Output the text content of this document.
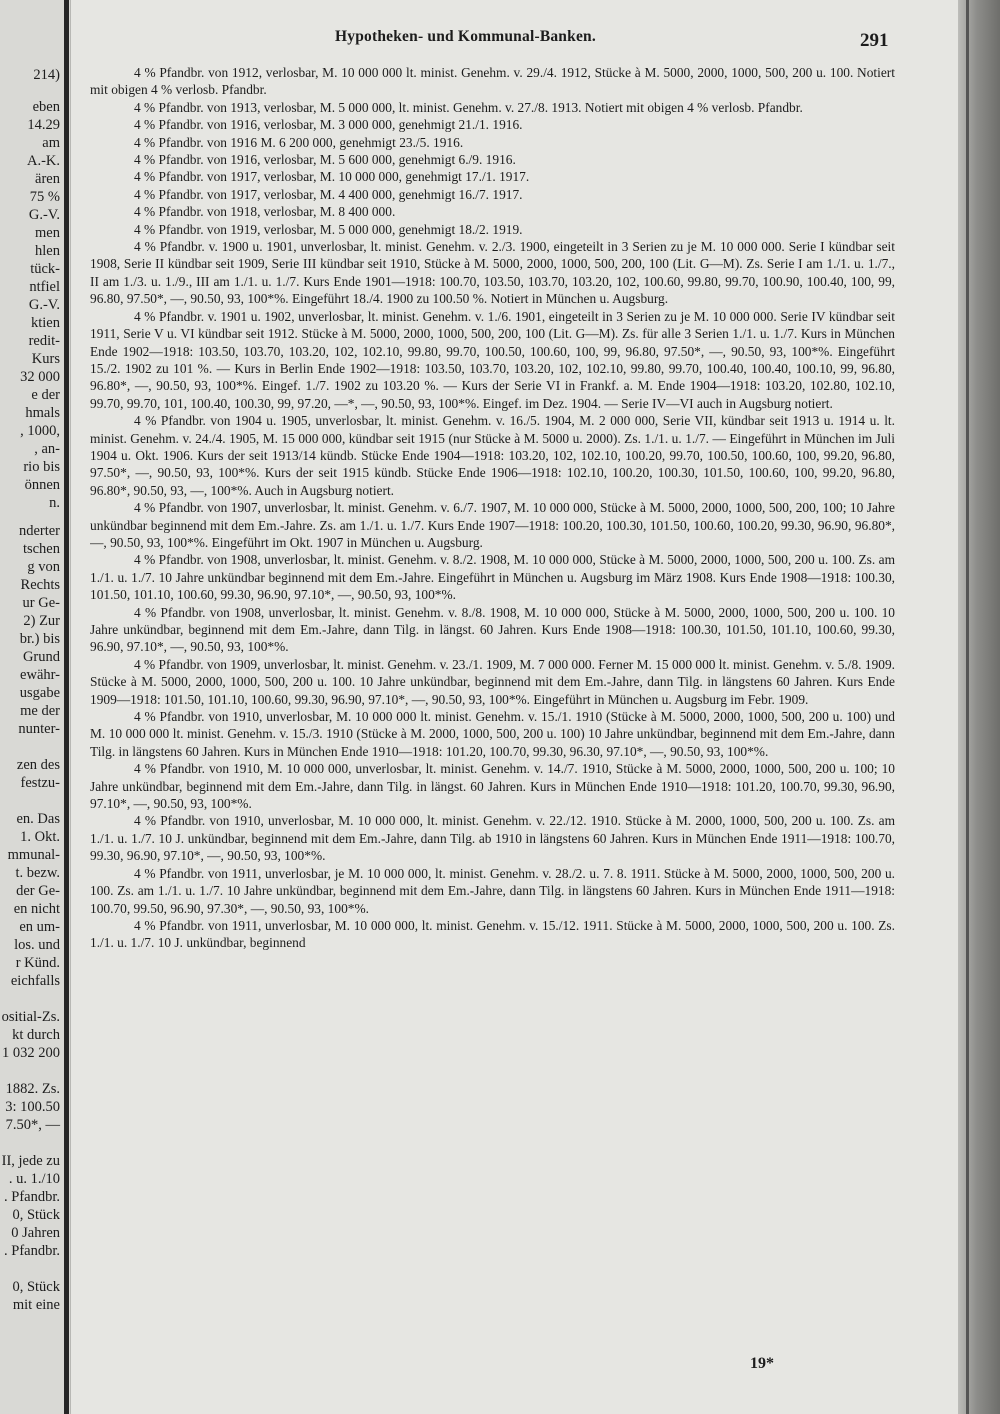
214)
eben
14.29
am
A.-K.
ären
75 %
G.-V.
men
hlen
tück-
ntfiel
G.-V.
ktien
redit-
Kurs
32 000
e der
hmals
, 1000,
, an-
rio bis
önnen
n.
nderter
tschen
g von
Rechts
ur Ge-
2) Zur
br.) bis
Grund
ewähr-
usgabe
me der
nunter-
zen des
festzu-
en. Das
1. Okt.
mmunal-
t. bezw.
der Ge-
en nicht
en um-
los. und
r Künd.
eichfalls
ositial-Zs.
kt durch
1 032 200
1882. Zs.
3: 100.50
7.50*, —
II, jede zu
. u. 1./10
. Pfandbr.
0, Stück
0 Jahren
. Pfandbr.
0, Stück
mit eine
Hypotheken- und Kommunal-Banken.	291

4 % Pfandbr. von 1912, verlosbar, M. 10 000 000 lt. minist. Genehm. v. 29./4. 1912, Stücke à M. 5000, 2000, 1000, 500, 200 u. 100. Notiert mit obigen 4 % verlosb. Pfandbr.

4 % Pfandbr. von 1913, verlosbar, M. 5 000 000, lt. minist. Genehm. v. 27./8. 1913. Notiert mit obigen 4 % verlosb. Pfandbr.

4 % Pfandbr. von 1916, verlosbar, M. 3 000 000, genehmigt 21./1. 1916.

4 % Pfandbr. von 1916 M. 6 200 000, genehmigt 23./5. 1916.

4 % Pfandbr. von 1916, verlosbar, M. 5 600 000, genehmigt 6./9. 1916.

4 % Pfandbr. von 1917, verlosbar, M. 10 000 000, genehmigt 17./1. 1917.

4 % Pfandbr. von 1917, verlosbar, M. 4 400 000, genehmigt 16./7. 1917.

4 % Pfandbr. von 1918, verlosbar, M. 8 400 000.

4 % Pfandbr. von 1919, verlosbar, M. 5 000 000, genehmigt 18./2. 1919.

4 % Pfandbr. v. 1900 u. 1901, unverlosbar, lt. minist. Genehm. v. 2./3. 1900, eingeteilt in 3 Serien zu je M. 10 000 000. Serie I kündbar seit 1908, Serie II kündbar seit 1909, Serie III kündbar seit 1910, Stücke à M. 5000, 2000, 1000, 500, 200, 100 (Lit. G—M). Zs. Serie I am 1./1. u. 1./7., II am 1./3. u. 1./9., III am 1./1. u. 1./7. Kurs Ende 1901—1918: 100.70, 103.50, 103.70, 103.20, 102, 100.60, 99.80, 99.70, 100.90, 100.40, 100, 99, 96.80, 97.50*, —, 90.50, 93, 100*%. Eingeführt 18./4. 1900 zu 100.50 %. Notiert in München u. Augsburg.

4 % Pfandbr. v. 1901 u. 1902, unverlosbar, lt. minist. Genehm. v. 1./6. 1901, eingeteilt in 3 Serien zu je M. 10 000 000. Serie IV kündbar seit 1911, Serie V u. VI kündbar seit 1912. Stücke à M. 5000, 2000, 1000, 500, 200, 100 (Lit. G—M). Zs. für alle 3 Serien 1./1. u. 1./7. Kurs in München Ende 1902—1918: 103.50, 103.70, 103.20, 102, 102.10, 99.80, 99.70, 100.50, 100.60, 100, 99, 96.80, 97.50*, —, 90.50, 93, 100*%. Eingeführt 15./2. 1902 zu 101 %. — Kurs in Berlin Ende 1902—1918: 103.50, 103.70, 103.20, 102, 102.10, 99.80, 99.70, 100.40, 100.40, 100.10, 99, 96.80, 96.80*, —, 90.50, 93, 100*%. Eingef. 1./7. 1902 zu 103.20 %. — Kurs der Serie VI in Frankf. a. M. Ende 1904—1918: 103.20, 102.80, 102.10, 99.70, 99.70, 101, 100.40, 100.30, 99, 97.20, —*, —, 90.50, 93, 100*%. Eingef. im Dez. 1904. — Serie IV—VI auch in Augsburg notiert.

4 % Pfandbr. von 1904 u. 1905, unverlosbar, lt. minist. Genehm. v. 16./5. 1904, M. 2 000 000, Serie VII, kündbar seit 1913 u. 1914 u. lt. minist. Genehm. v. 24./4. 1905, M. 15 000 000, kündbar seit 1915 (nur Stücke à M. 5000 u. 2000). Zs. 1./1. u. 1./7. — Eingeführt in München im Juli 1904 u. Okt. 1906. Kurs der seit 1913/14 kündb. Stücke Ende 1904—1918: 103.20, 102, 102.10, 100.20, 99.70, 100.50, 100.60, 100, 99.20, 96.80, 97.50*, —, 90.50, 93, 100*%. Kurs der seit 1915 kündb. Stücke Ende 1906—1918: 102.10, 100.20, 100.30, 101.50, 100.60, 100, 99.20, 96.80, 96.80*, 90.50, 93, —, 100*%. Auch in Augsburg notiert.

4 % Pfandbr. von 1907, unverlosbar, lt. minist. Genehm. v. 6./7. 1907, M. 10 000 000, Stücke à M. 5000, 2000, 1000, 500, 200, 100; 10 Jahre unkündbar beginnend mit dem Em.-Jahre. Zs. am 1./1. u. 1./7. Kurs Ende 1907—1918: 100.20, 100.30, 101.50, 100.60, 100.20, 99.30, 96.90, 96.80*, —, 90.50, 93, 100*%. Eingeführt im Okt. 1907 in München u. Augsburg.

4 % Pfandbr. von 1908, unverlosbar, lt. minist. Genehm. v. 8./2. 1908, M. 10 000 000, Stücke à M. 5000, 2000, 1000, 500, 200 u. 100. Zs. am 1./1. u. 1./7. 10 Jahre unkündbar beginnend mit dem Em.-Jahre. Eingeführt in München u. Augsburg im März 1908. Kurs Ende 1908—1918: 100.30, 101.50, 101.10, 100.60, 99.30, 96.90, 97.10*, —, 90.50, 93, 100*%.

4 % Pfandbr. von 1908, unverlosbar, lt. minist. Genehm. v. 8./8. 1908, M. 10 000 000, Stücke à M. 5000, 2000, 1000, 500, 200 u. 100. 10 Jahre unkündbar, beginnend mit dem Em.-Jahre, dann Tilg. in längst. 60 Jahren. Kurs Ende 1908—1918: 100.30, 101.50, 101.10, 100.60, 99.30, 96.90, 97.10*, —, 90.50, 93, 100*%.

4 % Pfandbr. von 1909, unverlosbar, lt. minist. Genehm. v. 23./1. 1909, M. 7 000 000. Ferner M. 15 000 000 lt. minist. Genehm. v. 5./8. 1909. Stücke à M. 5000, 2000, 1000, 500, 200 u. 100. 10 Jahre unkündbar, beginnend mit dem Em.-Jahre, dann Tilg. in längstens 60 Jahren. Kurs Ende 1909—1918: 101.50, 101.10, 100.60, 99.30, 96.90, 97.10*, —, 90.50, 93, 100*%. Eingeführt in München u. Augsburg im Febr. 1909.

4 % Pfandbr. von 1910, unverlosbar, M. 10 000 000 lt. minist. Genehm. v. 15./1. 1910 (Stücke à M. 5000, 2000, 1000, 500, 200 u. 100) und M. 10 000 000 lt. minist. Genehm. v. 15./3. 1910 (Stücke à M. 2000, 1000, 500, 200 u. 100) 10 Jahre unkündbar, beginnend mit dem Em.-Jahre, dann Tilg. in längstens 60 Jahren. Kurs in München Ende 1910—1918: 101.20, 100.70, 99.30, 96.30, 97.10*, —, 90.50, 93, 100*%.

4 % Pfandbr. von 1910, M. 10 000 000, unverlosbar, lt. minist. Genehm. v. 14./7. 1910, Stücke à M. 5000, 2000, 1000, 500, 200 u. 100; 10 Jahre unkündbar, beginnend mit dem Em.-Jahre, dann Tilg. in längst. 60 Jahren. Kurs in München Ende 1910—1918: 101.20, 100.70, 99.30, 96.90, 97.10*, —, 90.50, 93, 100*%.

4 % Pfandbr. von 1910, unverlosbar, M. 10 000 000, lt. minist. Genehm. v. 22./12. 1910. Stücke à M. 2000, 1000, 500, 200 u. 100. Zs. am 1./1. u. 1./7. 10 J. unkündbar, beginnend mit dem Em.-Jahre, dann Tilg. ab 1910 in längstens 60 Jahren. Kurs in München Ende 1911—1918: 100.70, 99.30, 96.90, 97.10*, —, 90.50, 93, 100*%.

4 % Pfandbr. von 1911, unverlosbar, je M. 10 000 000, lt. minist. Genehm. v. 28./2. u. 7. 8. 1911. Stücke à M. 5000, 2000, 1000, 500, 200 u. 100. Zs. am 1./1. u. 1./7. 10 Jahre unkündbar, beginnend mit dem Em.-Jahre, dann Tilg. in längstens 60 Jahren. Kurs in München Ende 1911—1918: 100.70, 99.50, 96.90, 97.30*, —, 90.50, 93, 100*%.

4 % Pfandbr. von 1911, unverlosbar, M. 10 000 000, lt. minist. Genehm. v. 15./12. 1911. Stücke à M. 5000, 2000, 1000, 500, 200 u. 100. Zs. 1./1. u. 1./7. 10 J. unkündbar, beginnend

19*
